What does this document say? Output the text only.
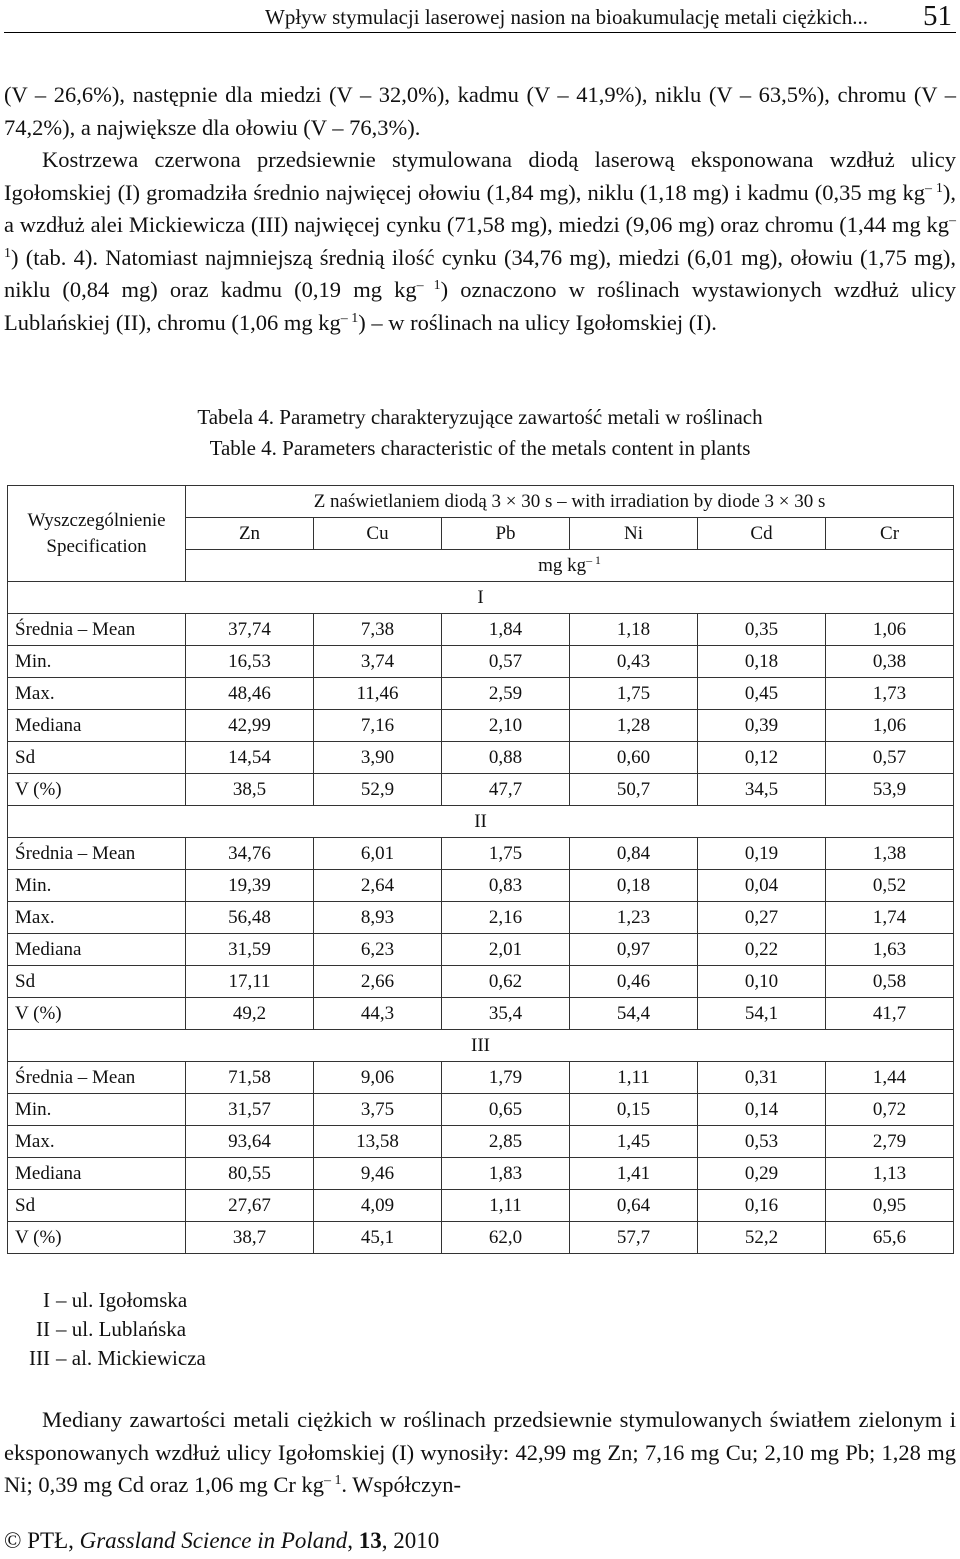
Wpływ stymulacji laserowej nasion na bioakumulację metali ciężkich... 51

(V – 26,6%), następnie dla miedzi (V – 32,0%), kadmu (V – 41,9%), niklu (V – 63,5%), chromu (V – 74,2%), a największe dla ołowiu (V – 76,3%).

Kostrzewa czerwona przedsiewnie stymulowana diodą laserową eksponowana wzdłuż ulicy Igołomskiej (I) gromadziła średnio najwięcej ołowiu (1,84 mg), niklu (1,18 mg) i kadmu (0,35 mg $kg^{- 1}$), a wzdłuż alei Mickiewicza (III) najwięcej cynku (71,58 mg), miedzi (9,06 mg) oraz chromu (1,44 mg $kg^{- 1}$) (tab. 4). Natomiast najmniejszą średnią ilość cynku (34,76 mg), miedzi (6,01 mg), ołowiu (1,75 mg), niklu (0,84 mg) oraz kadmu (0,19 mg $kg^{- 1}$) oznaczono w roślinach wystawionych wzdłuż ulicy Lublańskiej (II), chromu (1,06 mg $kg^{- 1}$) – w roślinach na ulicy Igołomskiej (I).

Tabela 4. Parametry charakteryzujące zawartość metali w roślinach
Table 4. Parameters characteristic of the metals content in plants
Wyszczególnienie
Specification	Z naświetlaniem diodą 3 × 30 s – with irradiation by diode 3 × 30 s					
	Zn	Cu	Pb	Ni	Cd	Cr
	mg $kg^{- 1}$
I						
Średnia – Mean	37,74	7,38	1,84	1,18	0,35	1,06
Min.	16,53	3,74	0,57	0,43	0,18	0,38
Max.	48,46	11,46	2,59	1,75	0,45	1,73
Mediana	42,99	7,16	2,10	1,28	0,39	1,06
Sd	14,54	3,90	0,88	0,60	0,12	0,57
V (%)	38,5	52,9	47,7	50,7	34,5	53,9
II						
Średnia – Mean	34,76	6,01	1,75	0,84	0,19	1,38
Min.	19,39	2,64	0,83	0,18	0,04	0,52
Max.	56,48	8,93	2,16	1,23	0,27	1,74
Mediana	31,59	6,23	2,01	0,97	0,22	1,63
Sd	17,11	2,66	0,62	0,46	0,10	0,58
V (%)	49,2	44,3	35,4	54,4	54,1	41,7
III						
Średnia – Mean	71,58	9,06	1,79	1,11	0,31	1,44
Min.	31,57	3,75	0,65	0,15	0,14	0,72
Max.	93,64	13,58	2,85	1,45	0,53	2,79
Mediana	80,55	9,46	1,83	1,41	0,29	1,13
Sd	27,67	4,09	1,11	0,64	0,16	0,95
V (%)	38,7	45,1	62,0	57,7	52,2	65,6
I – ul. Igołomska
II – ul. Lublańska
III – al. Mickiewicza

Mediany zawartości metali ciężkich w roślinach przedsiewnie stymulowanych światłem zielonym i eksponowanych wzdłuż ulicy Igołomskiej (I) wynosiły: 42,99 mg Zn; 7,16 mg Cu; 2,10 mg Pb; 1,28 mg Ni; 0,39 mg Cd oraz 1,06 mg Cr $kg^{- 1}$. Współczyn-

© PTŁ, Grassland Science in Poland, 13, 2010
